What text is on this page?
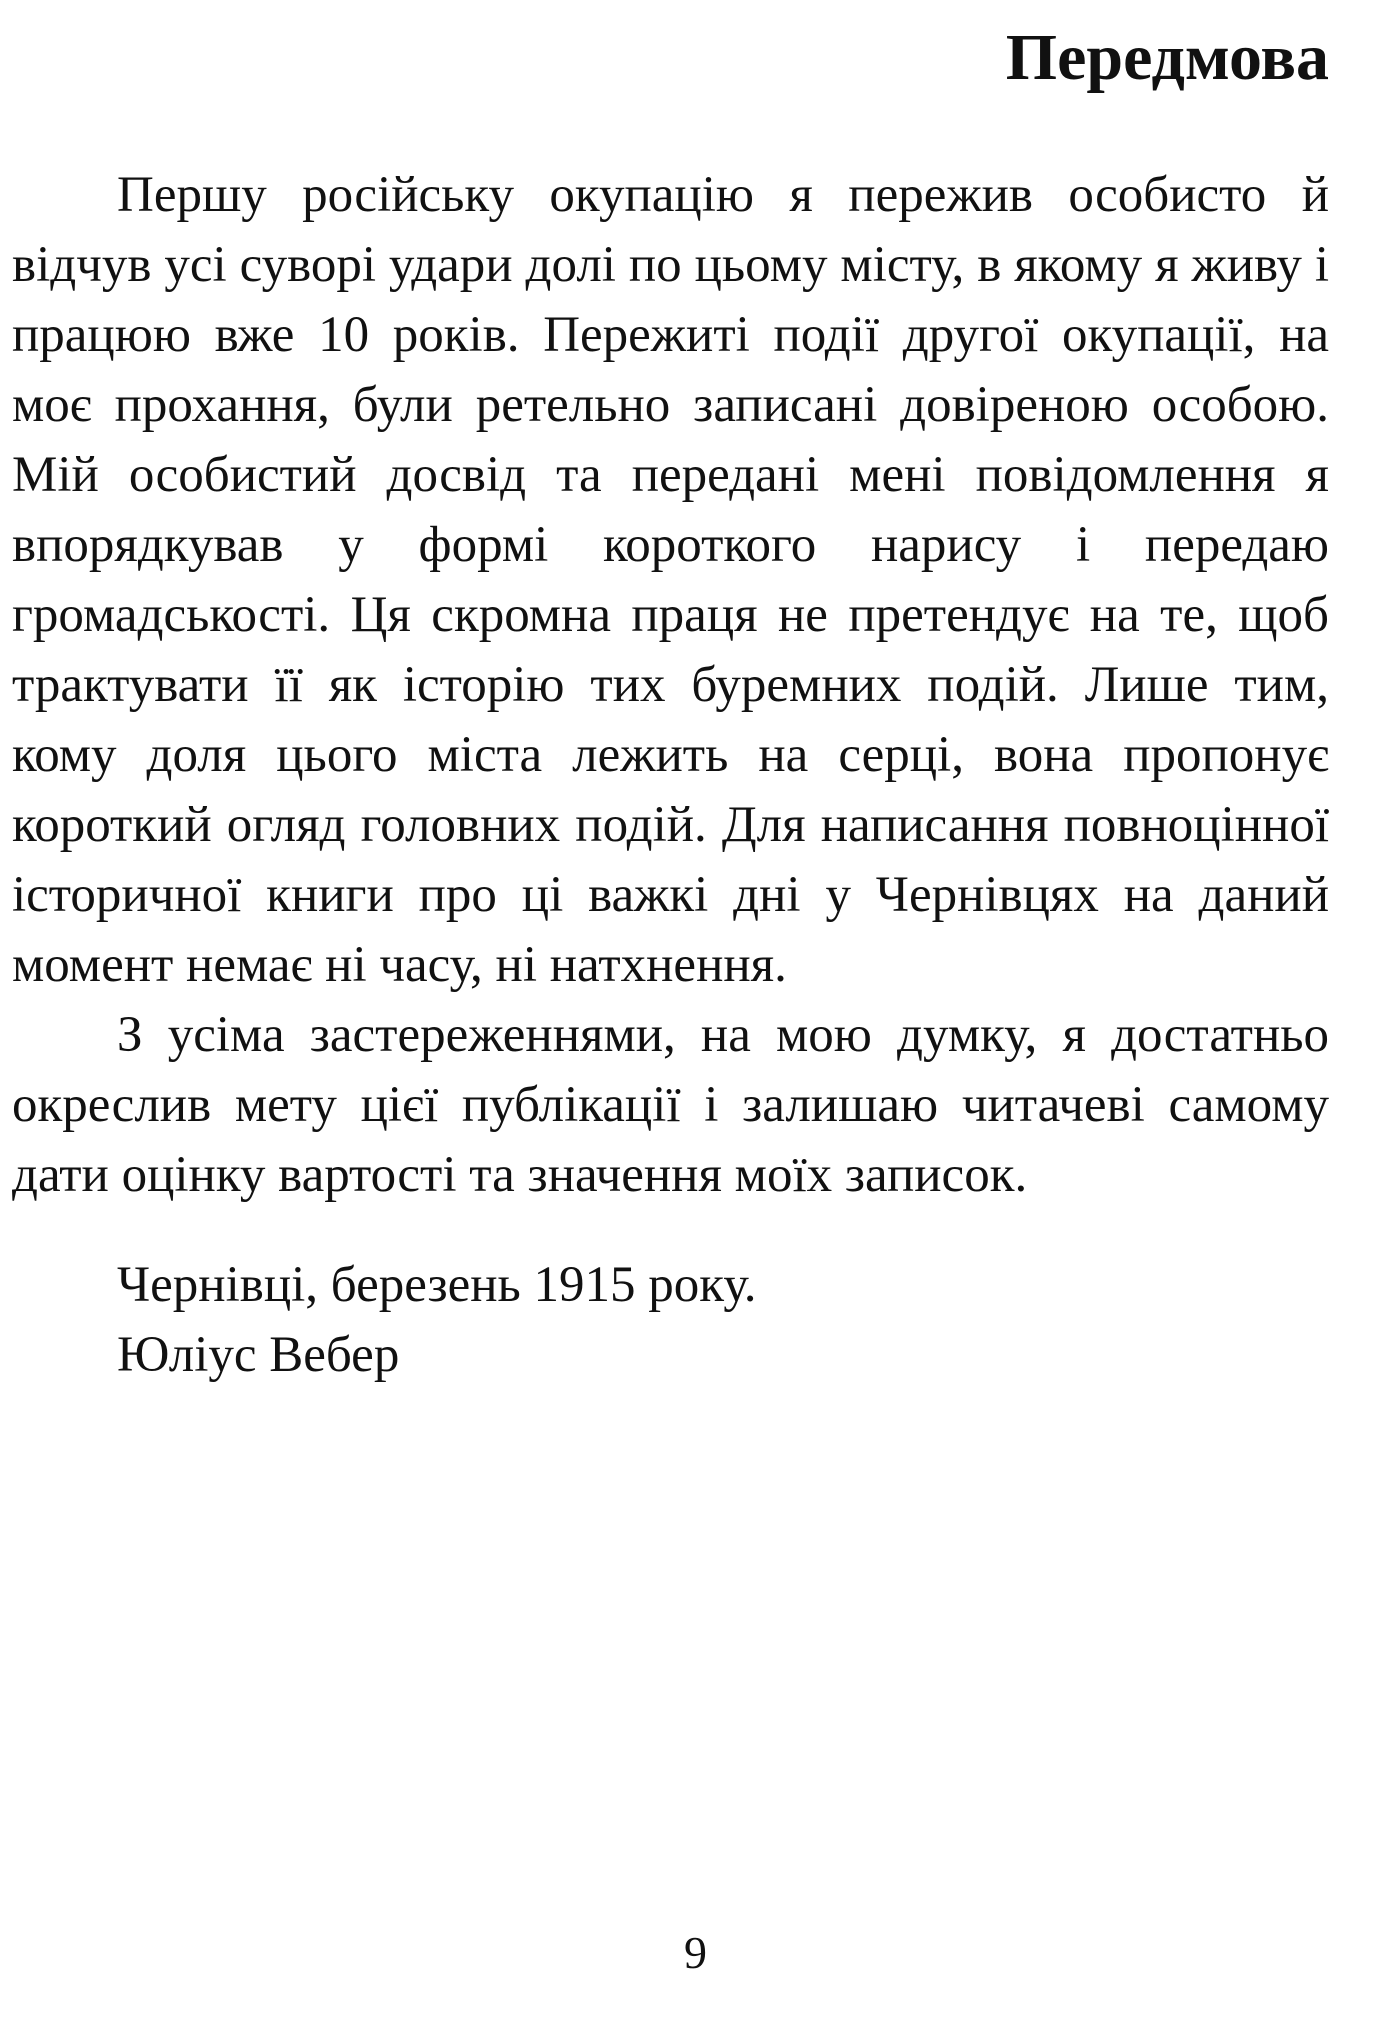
Передмова

Першу російську окупацію я пережив особисто й відчув усі суворі удари долі по цьому місту, в якому я живу і працюю вже 10 років. Пережиті події другої окупації, на моє прохання, були ретельно записані довіреною особою. Мій особистий досвід та передані мені повідомлення я впорядкував у формі короткого нарису і передаю громадськості. Ця скромна праця не претендує на те, щоб трактувати її як історію тих буремних подій. Лише тим, кому доля цього міста лежить на серці, вона пропонує короткий огляд головних подій. Для написання повноцінної історичної книги про ці важкі дні у Чернівцях на даний момент немає ні часу, ні натхнення.

З усіма застереженнями, на мою думку, я достатньо окреслив мету цієї публікації і залишаю читачеві самому дати оцінку вартості та значення моїх записок.

Чернівці, березень 1915 року.
Юліус Вебер
9
